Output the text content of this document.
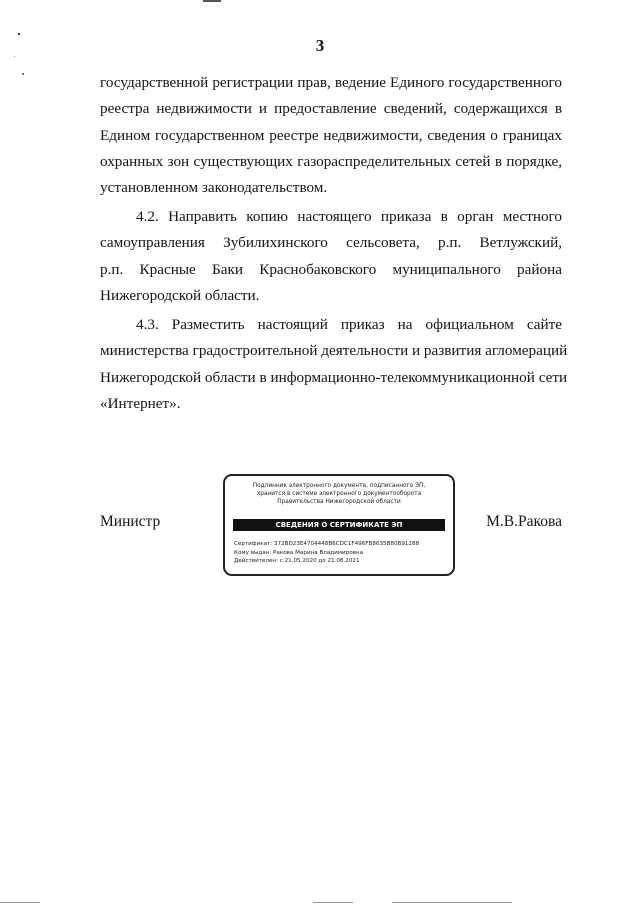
3
государственной регистрации прав, ведение Единого государственного
реестра недвижимости и предоставление сведений, содержащихся в
Едином государственном реестре недвижимости, сведения о границах
охранных зон существующих газораспределительных сетей в порядке,
установленном законодательством.
4.2. Направить копию настоящего приказа в орган местного
самоуправления Зубилихинского сельсовета, р.п. Ветлужский,
р.п. Красные Баки Краснобаковского муниципального района
Нижегородской области.
4.3. Разместить настоящий приказ на официальном сайте
министерства градостроительной деятельности и развития агломераций
Нижегородской области в информационно-телекоммуникационной сети
«Интернет».
Министр	М.В.Ракова
Подлинник электронного документа, подписанного ЭП,
хранится в системе электронного документооборота
Правительства Нижегородской области
СВЕДЕНИЯ О СЕРТИФИКАТЕ ЭП
Сертификат: 372BD23E4704448B6CDC1F496FB8635B80B91288
Кому выдан: Ракова Марина Владимировна
Действителен: с 21.05.2020 до 21.08.2021
